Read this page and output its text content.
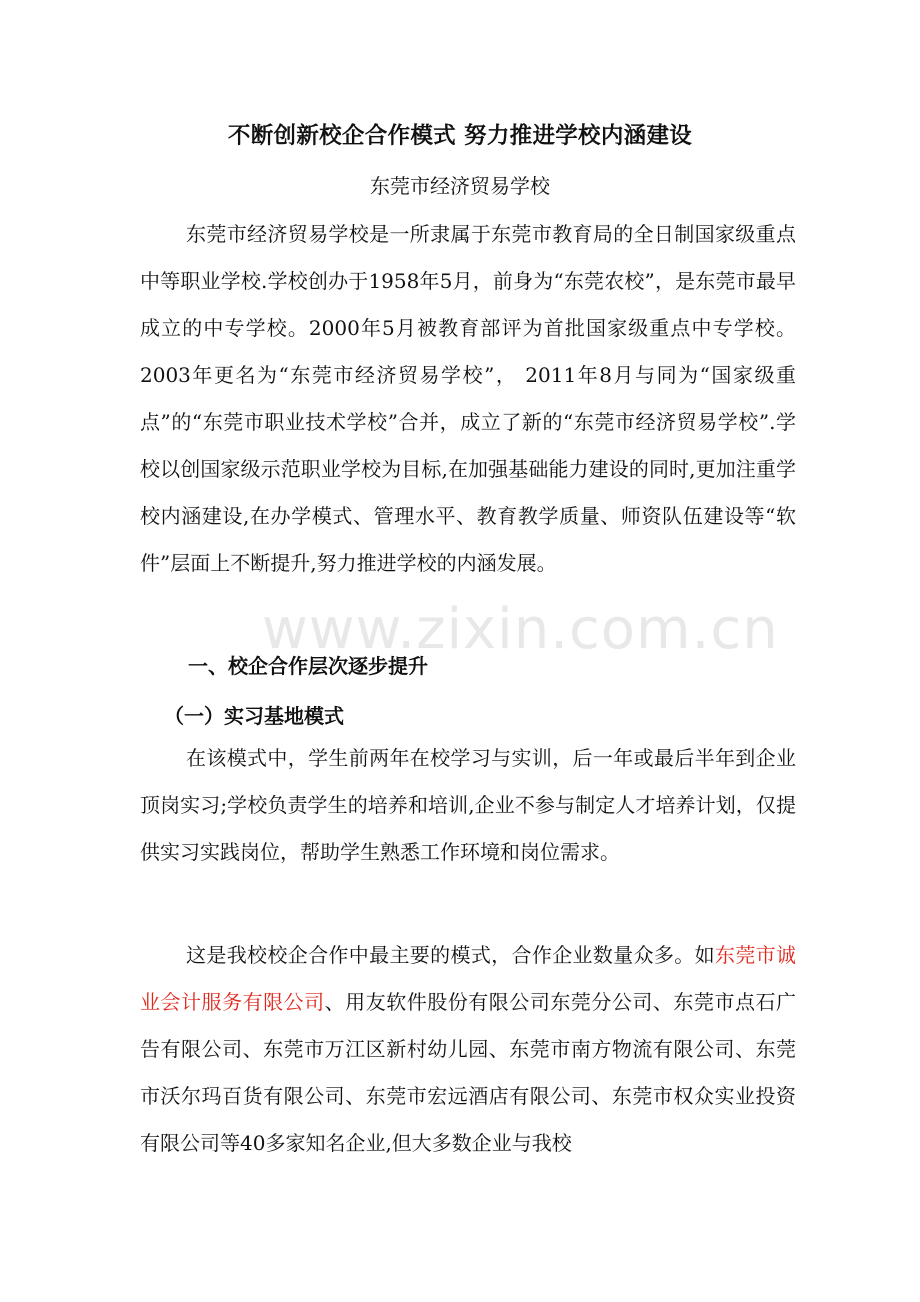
www.zixin.com.cn
不断创新校企合作模式 努力推进学校内涵建设
东莞市经济贸易学校

东莞市经济贸易学校是一所隶属于东莞市教育局的全日制国家级重点中等职业学校.学校创办于1958年5月，前身为“东莞农校”，是东莞市最早成立的中专学校。2000年5月被教育部评为首批国家级重点中专学校。2003年更名为“东莞市经济贸易学校”， 2011年8月与同为“国家级重点”的“东莞市职业技术学校”合并，成立了新的“东莞市经济贸易学校”.学校以创国家级示范职业学校为目标,在加强基础能力建设的同时,更加注重学校内涵建设,在办学模式、管理水平、教育教学质量、师资队伍建设等“软件”层面上不断提升,努力推进学校的内涵发展。

一、校企合作层次逐步提升
（一）实习基地模式

在该模式中，学生前两年在校学习与实训，后一年或最后半年到企业顶岗实习;学校负责学生的培养和培训,企业不参与制定人才培养计划，仅提供实习实践岗位，帮助学生熟悉工作环境和岗位需求。

这是我校校企合作中最主要的模式，合作企业数量众多。如东莞市诚业会计服务有限公司、用友软件股份有限公司东莞分公司、东莞市点石广告有限公司、东莞市万江区新村幼儿园、东莞市南方物流有限公司、东莞市沃尔玛百货有限公司、东莞市宏远酒店有限公司、东莞市权众实业投资有限公司等40多家知名企业,但大多数企业与我校
